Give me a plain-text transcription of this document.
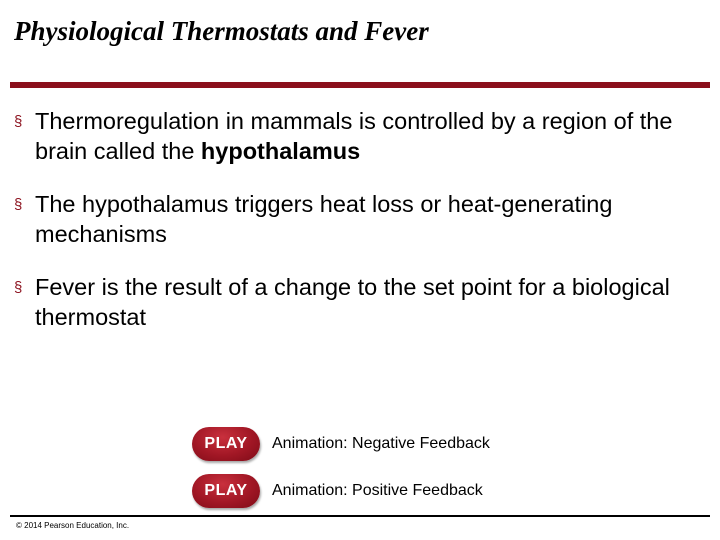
Physiological Thermostats and Fever
§ Thermoregulation in mammals is controlled by a region of the brain called the hypothalamus
§ The hypothalamus triggers heat loss or heat-generating mechanisms
§ Fever is the result of a change to the set point for a biological thermostat
PLAY	Animation: Negative Feedback
PLAY	Animation: Positive Feedback
© 2014 Pearson Education, Inc.
